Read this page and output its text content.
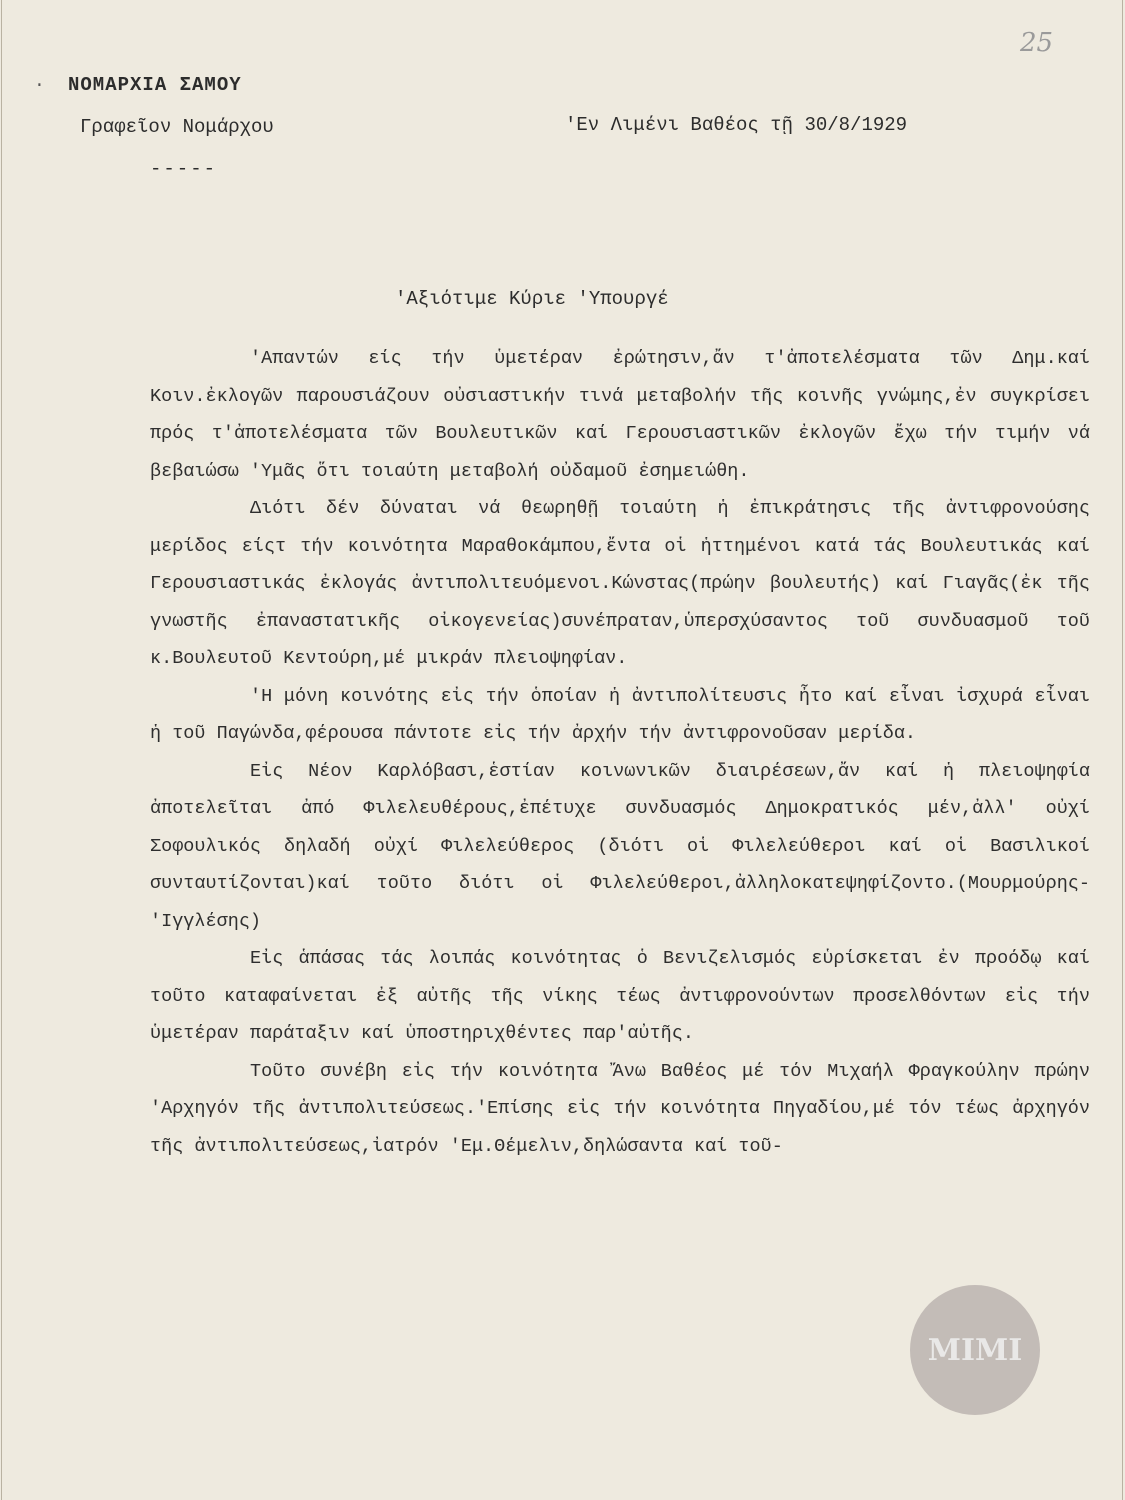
25
· ΝΟΜΑΡΧΙΑ ΣΑΜΟΥ
Γραφεῖον Νομάρχου
-----
'Εν Λιμένι Βαθέος τῇ 30/8/1929
'Αξιότιμε Κύριε 'Υπουργέ

'Απαντών είς τήν ὑμετέραν ἐρώτησιν,ἄν τ'ἀποτελέσματα τῶν Δημ.καί Κοιν.ἐκλογῶν παρουσιάζουν οὐσιαστικήν τινά μεταβολήν τῆς κοινῆς γνώμης,ἐν συγκρίσει πρός τ'ἀποτελέσματα τῶν Βουλευτικῶν καί Γερουσιαστικῶν ἐκλογῶν ἔχω τήν τιμήν νά βεβαιώσω 'Υμᾶς ὅτι τοιαύτη μεταβολή οὐδαμοῦ ἐσημειώθη.

Διότι δέν δύναται νά θεωρηθῇ τοιαύτη ἡ ἐπικράτησις τῆς ἀντιφρονούσης μερίδος είςτ τήν κοινότητα Μαραθοκάμπου,ἔντα οἱ ἡττημένοι κατά τάς Βουλευτικάς καί Γερουσιαστικάς ἐκλογάς ἀντιπολιτευόμενοι.Κώνστας(πρώην βουλευτής) καί Γιαγᾶς(ἐκ τῆς γνωστῆς ἐπαναστατικῆς οἰκογενείας)συνέπραταν,ὑπερσχύσαντος τοῦ συνδυασμοῦ τοῦ κ.Βουλευτοῦ Κεντούρη,μέ μικράν πλειοψηφίαν.

'Η μόνη κοινότης εἰς τήν ὁποίαν ἡ ἀντιπολίτευσις ἦτο καί εἶναι ἰσχυρά εἶναι ἡ τοῦ Παγώνδα,φέρουσα πάντοτε εἰς τήν ἀρχήν τήν ἀντιφρονοῦσαν μερίδα.

Εἰς Νέον Καρλόβασι,ἑστίαν κοινωνικῶν διαιρέσεων,ἄν καί ἡ πλειοψηφία ἀποτελεῖται ἀπό Φιλελευθέρους,ἐπέτυχε συνδυασμός Δημοκρατικός μέν,ἀλλ' οὐχί Σοφουλικός δηλαδή οὐχί Φιλελεύθερος (διότι οἱ Φιλελεύθεροι καί οἱ Βασιλικοί συνταυτίζονται)καί τοῦτο διότι οἱ Φιλελεύθεροι,ἀλληλοκατεψηφίζοντο.(Μουρμούρης-'Ιγγλέσης)

Εἰς ἁπάσας τάς λοιπάς κοινότητας ὁ Βενιζελισμός εὑρίσκεται ἐν προόδῳ καί τοῦτο καταφαίνεται ἐξ αὐτῆς τῆς νίκης τέως ἀντιφρονούντων προσελθόντων εἰς τήν ὑμετέραν παράταξιν καί ὑποστηριχθέντες παρ'αὐτῆς.

Τοῦτο συνέβη εἰς τήν κοινότητα Ἄνω Βαθέος μέ τόν Μιχαήλ Φραγκούλην πρώην 'Αρχηγόν τῆς ἀντιπολιτεύσεως.'Επίσης εἰς τήν κοινότητα Πηγαδίου,μέ τόν τέως ἀρχηγόν τῆς ἀντιπολιτεύσεως,ἰατρόν 'Εμ.Θέμελιν,δηλώσαντα καί τοῦ-

ΜΙΜΙ
